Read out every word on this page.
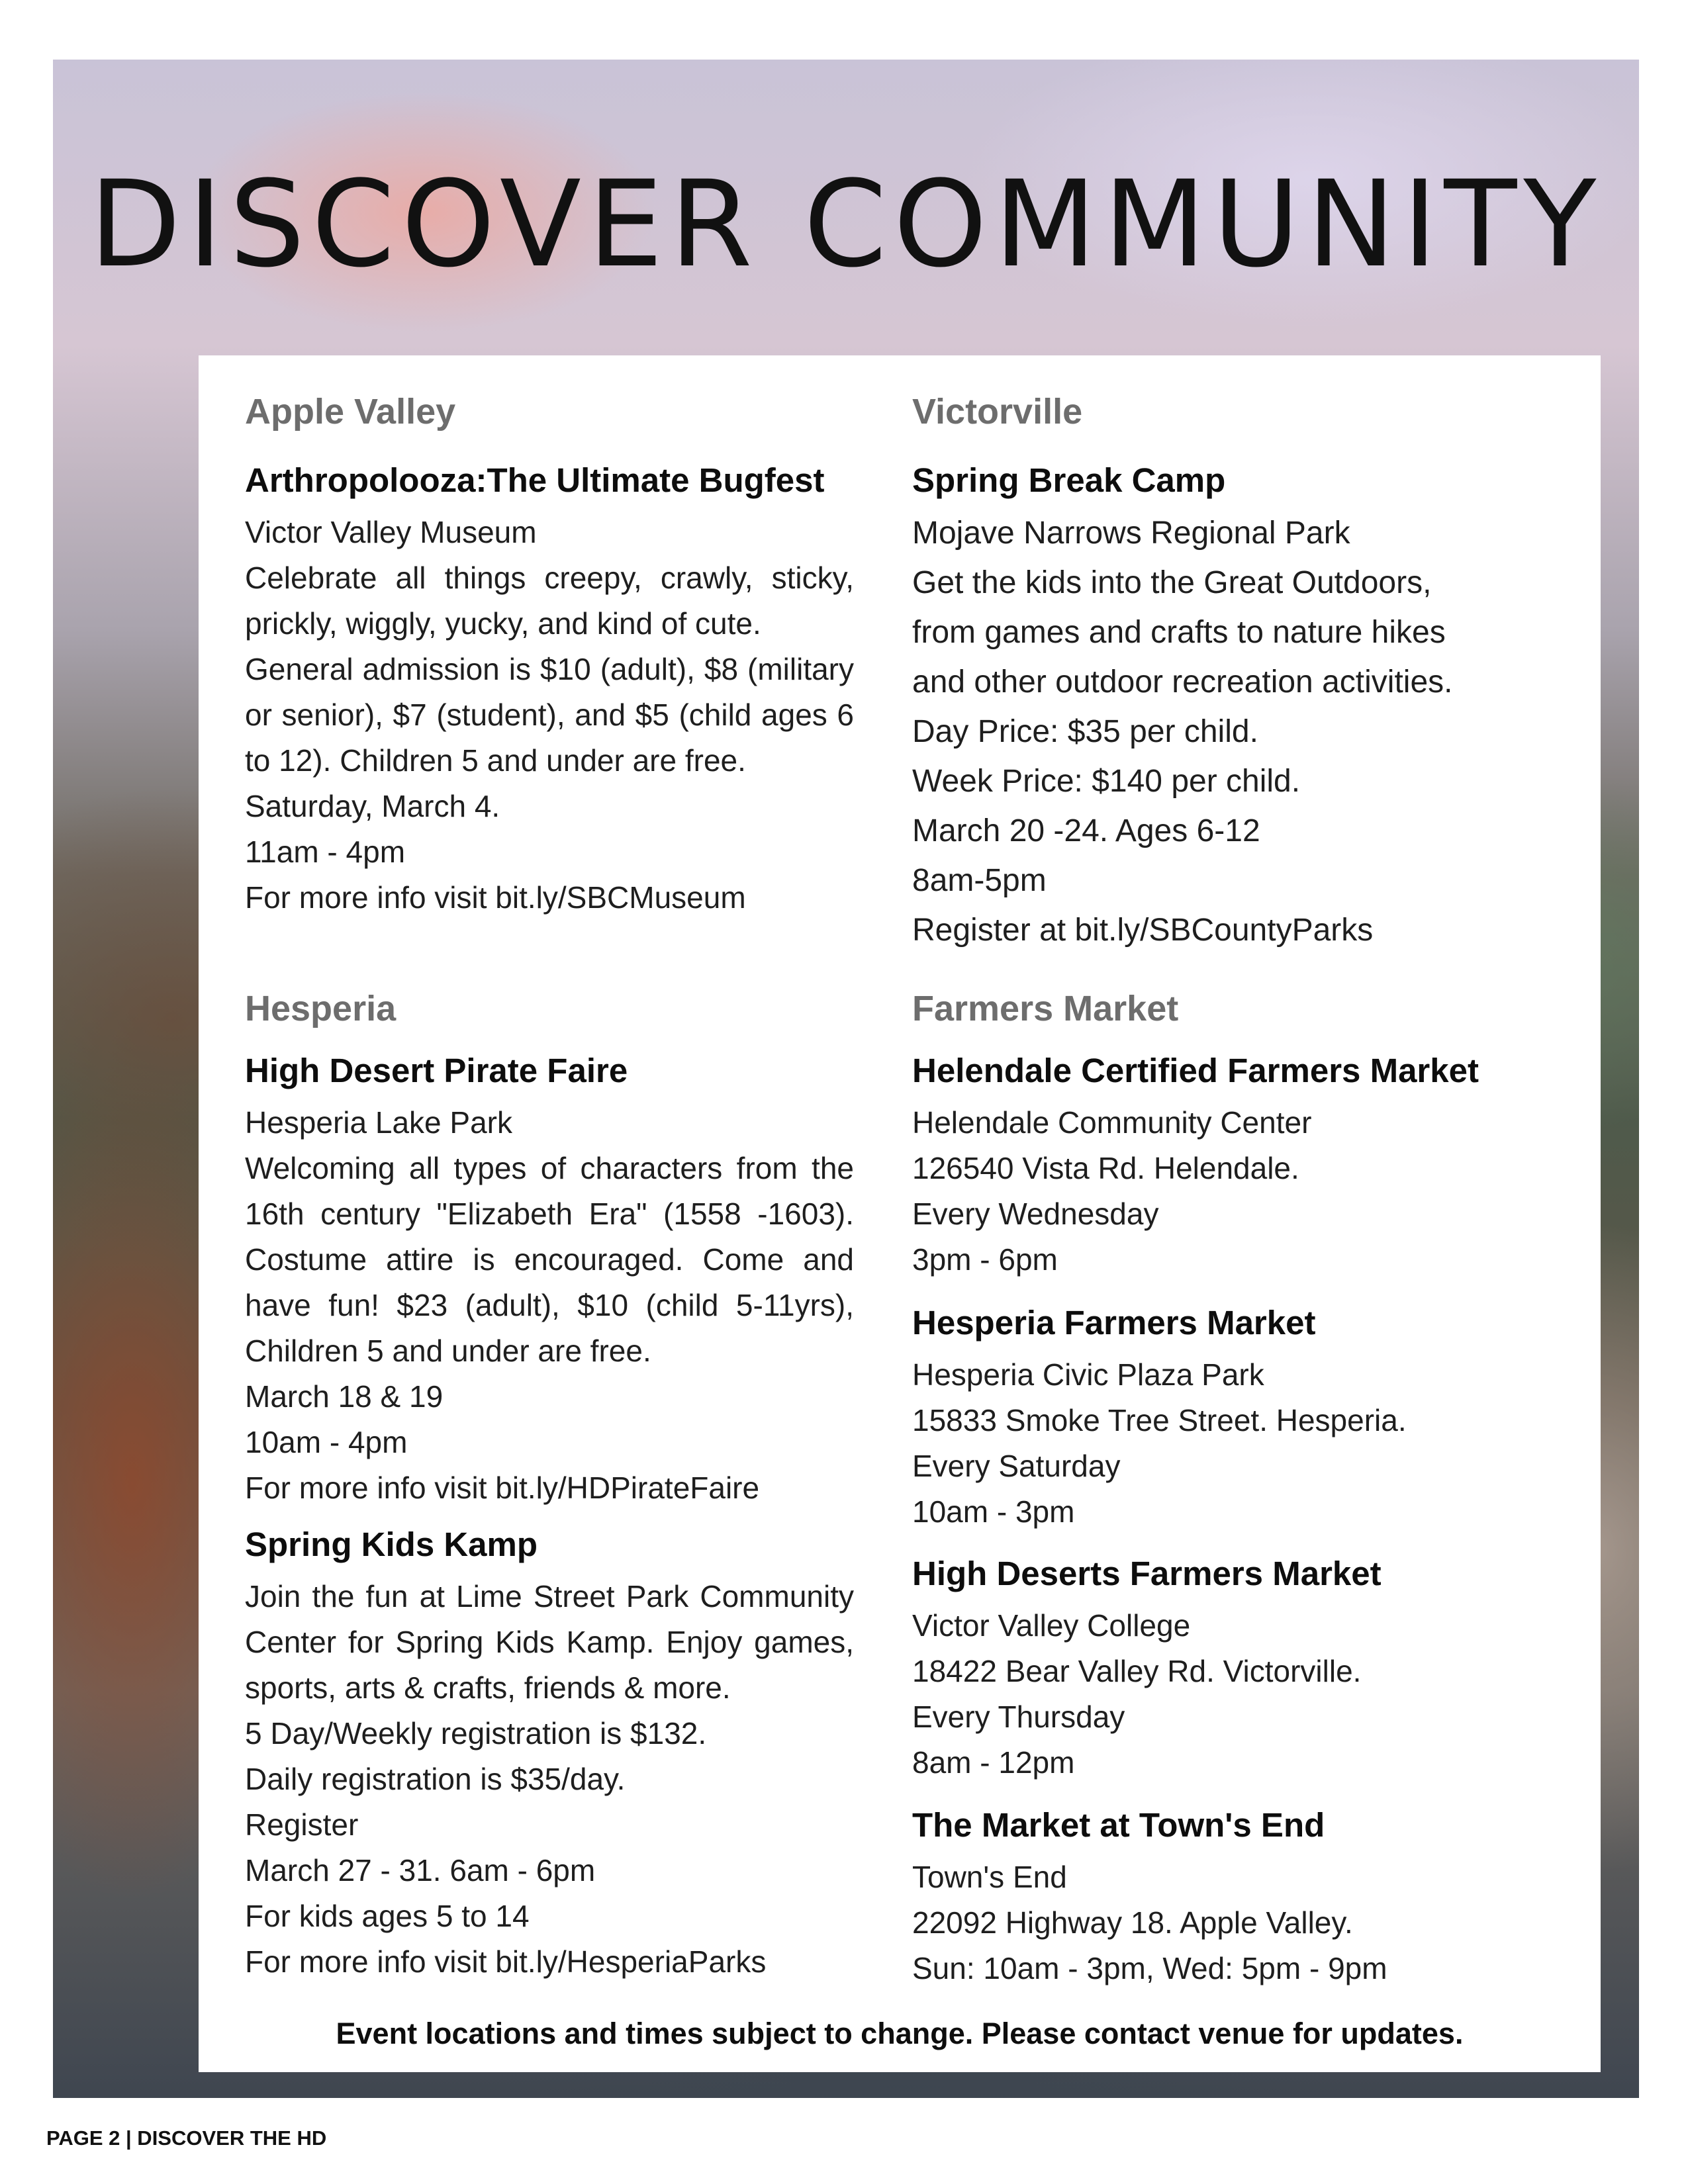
DISCOVER COMMUNITY
Apple Valley
Arthropolooza:The Ultimate Bugfest

Victor Valley Museum

Celebrate all things creepy, crawly, sticky, prickly, wiggly, yucky, and kind of cute.

General admission is $10 (adult), $8 (military or senior), $7 (student), and $5 (child ages 6 to 12). Children 5 and under are free.

Saturday, March 4.

11am - 4pm

For more info visit bit.ly/SBCMuseum

Hesperia
High Desert Pirate Faire

Hesperia Lake Park

Welcoming all types of characters from the 16th century "Elizabeth Era" (1558 -1603). Costume attire is encouraged. Come and have fun! $23 (adult), $10 (child 5-11yrs), Children 5 and under are free.

March 18 & 19

10am - 4pm

For more info visit bit.ly/HDPirateFaire

Spring Kids Kamp

Join the fun at Lime Street Park Community Center for Spring Kids Kamp. Enjoy games, sports, arts & crafts, friends & more.

5 Day/Weekly registration is $132.

Daily registration is $35/day.

Register

March 27 - 31. 6am - 6pm

For kids ages 5 to 14

For more info visit bit.ly/HesperiaParks

Victorville
Spring Break Camp

Mojave Narrows Regional Park

Get the kids into the Great Outdoors,

from games and crafts to nature hikes

and other outdoor recreation activities.

Day Price: $35 per child.

Week Price: $140 per child.

March 20 -24. Ages 6-12

8am-5pm

Register at bit.ly/SBCountyParks

Farmers Market
Helendale Certified Farmers Market

Helendale Community Center

126540 Vista Rd. Helendale.

Every Wednesday

3pm - 6pm

Hesperia Farmers Market

Hesperia Civic Plaza Park

15833 Smoke Tree Street. Hesperia.

Every Saturday

10am - 3pm

High Deserts Farmers Market

Victor Valley College

18422 Bear Valley Rd. Victorville.

Every Thursday

8am - 12pm

The Market at Town's End

Town's End

22092 Highway 18. Apple Valley.

Sun: 10am - 3pm, Wed: 5pm - 9pm

Event locations and times subject to change. Please contact venue for updates.
PAGE 2 | DISCOVER THE HD
